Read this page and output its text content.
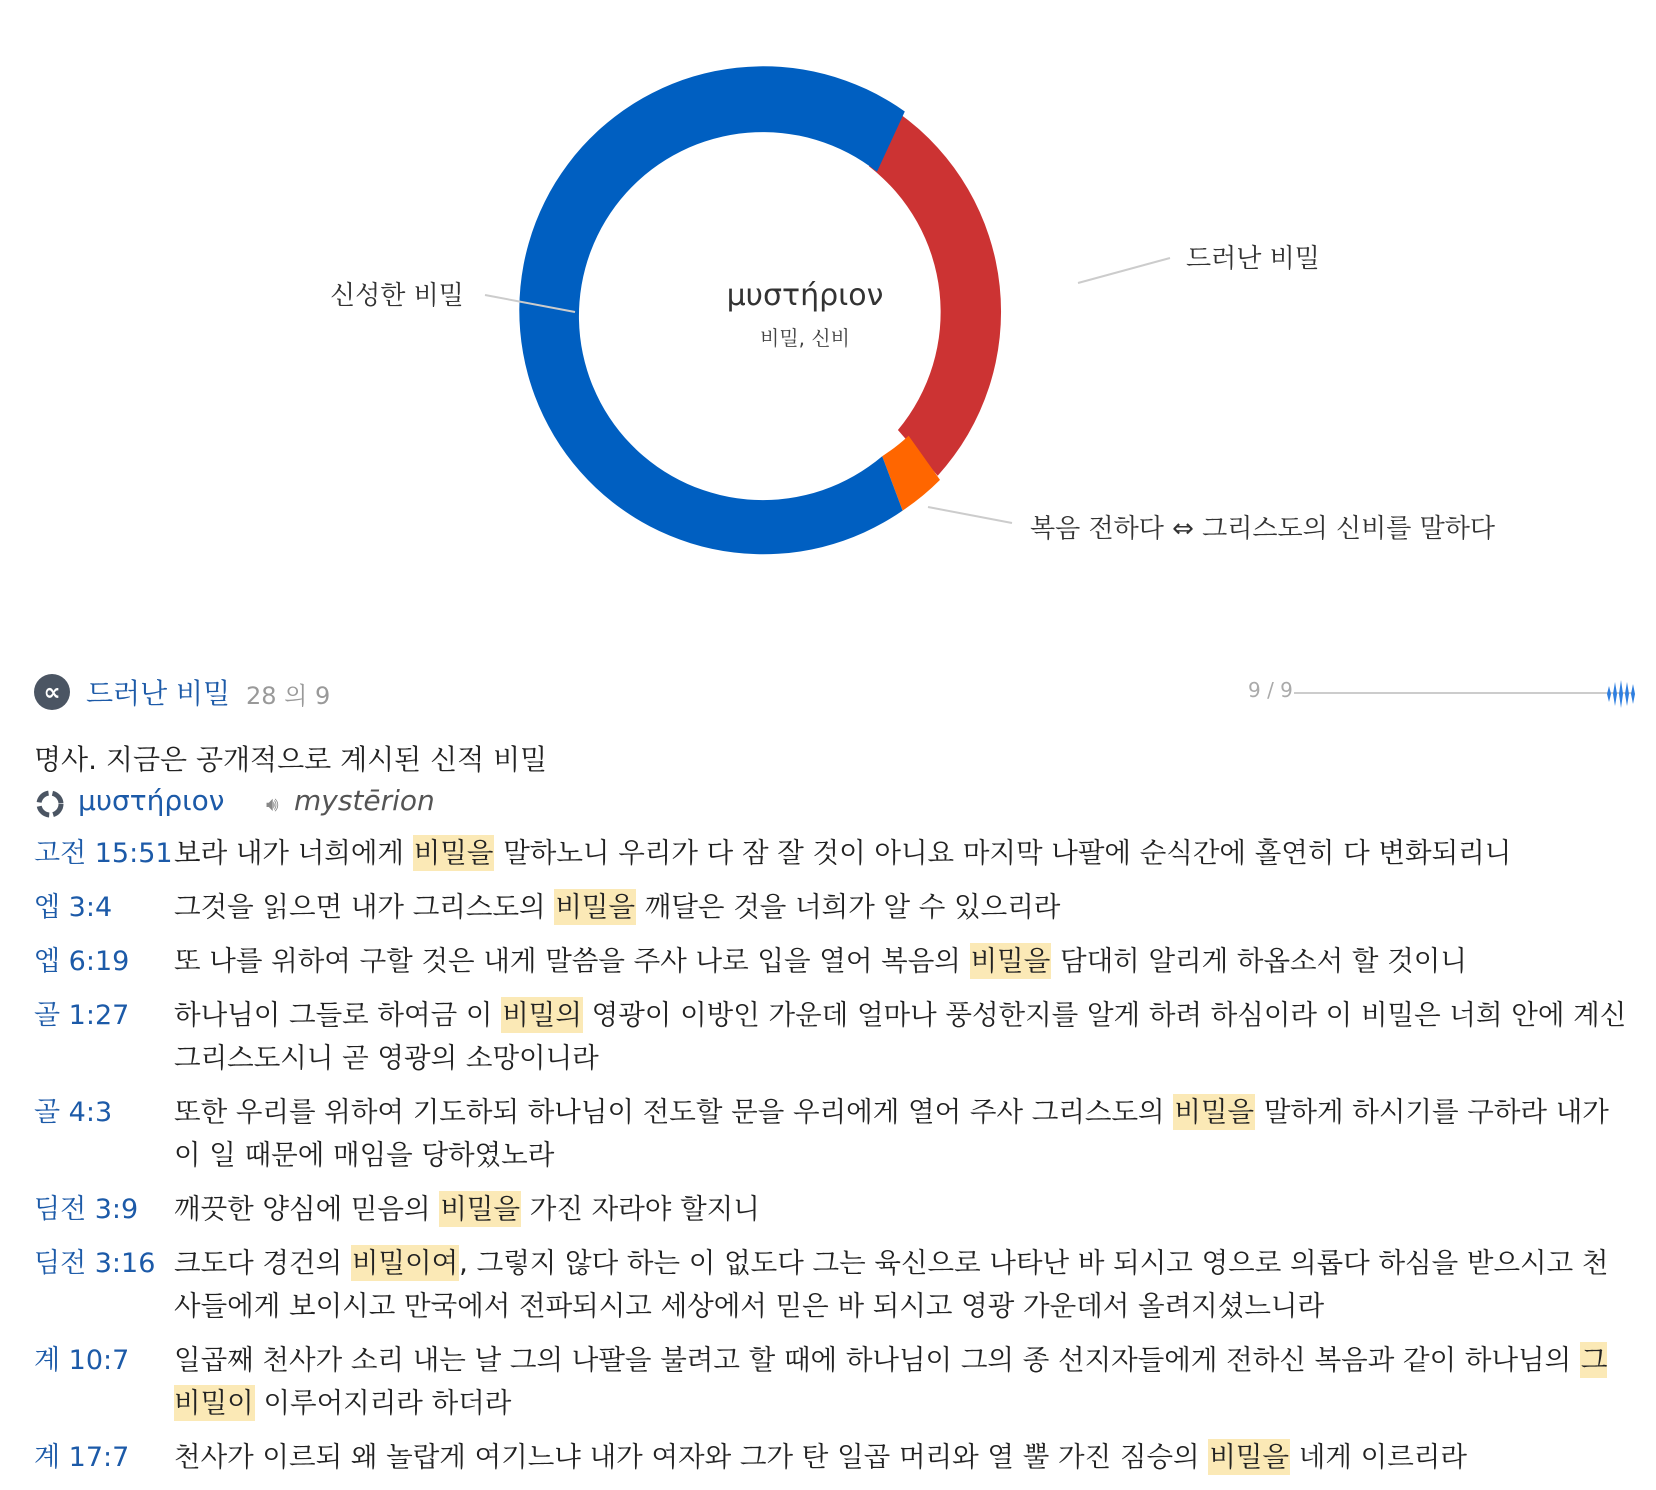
μυστήριον
비밀, 신비
드러난 비밀
복음 전하다 ⇔ 그리스도의 신비를 말하다
신성한 비밀
∝ 드러난 비밀 28 의 9	9 / 9
명사. 지금은 공개적으로 계시된 신적 비밀
μυστήριον 🔊︎ mystērion
고전 15:51 보라 내가 너희에게 비밀을 말하노니 우리가 다 잠 잘 것이 아니요 마지막 나팔에 순식간에 홀연히 다 변화되리니
엡 3:4 그것을 읽으면 내가 그리스도의 비밀을 깨달은 것을 너희가 알 수 있으리라
엡 6:19 또 나를 위하여 구할 것은 내게 말씀을 주사 나로 입을 열어 복음의 비밀을 담대히 알리게 하옵소서 할 것이니
골 1:27 하나님이 그들로 하여금 이 비밀의 영광이 이방인 가운데 얼마나 풍성한지를 알게 하려 하심이라 이 비밀은 너희 안에 계신 그리스도시니 곧 영광의 소망이니라
골 4:3 또한 우리를 위하여 기도하되 하나님이 전도할 문을 우리에게 열어 주사 그리스도의 비밀을 말하게 하시기를 구하라 내가 이 일 때문에 매임을 당하였노라
딤전 3:9 깨끗한 양심에 믿음의 비밀을 가진 자라야 할지니
딤전 3:16 크도다 경건의 비밀이여, 그렇지 않다 하는 이 없도다 그는 육신으로 나타난 바 되시고 영으로 의롭다 하심을 받으시고 천사들에게 보이시고 만국에서 전파되시고 세상에서 믿은 바 되시고 영광 가운데서 올려지셨느니라
계 10:7 일곱째 천사가 소리 내는 날 그의 나팔을 불려고 할 때에 하나님이 그의 종 선지자들에게 전하신 복음과 같이 하나님의 그 비밀이 이루어지리라 하더라
계 17:7 천사가 이르되 왜 놀랍게 여기느냐 내가 여자와 그가 탄 일곱 머리와 열 뿔 가진 짐승의 비밀을 네게 이르리라
